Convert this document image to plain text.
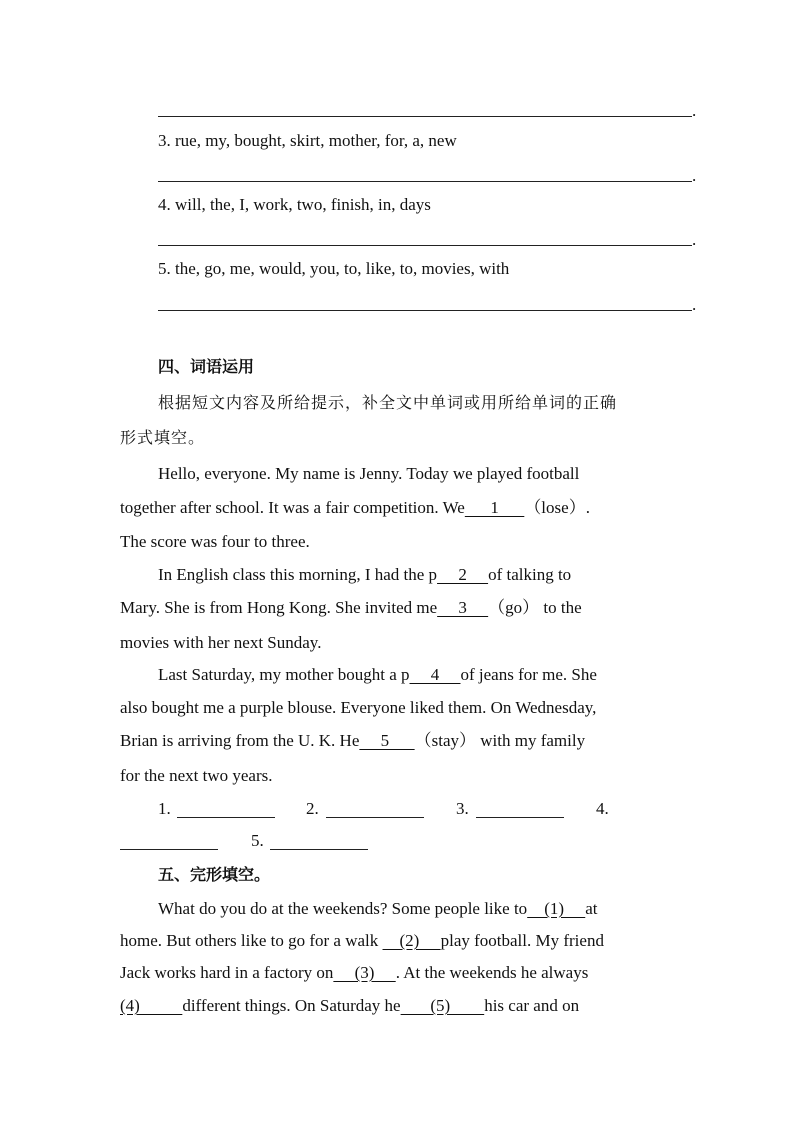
.
3. rue, my, bought, skirt, mother, for, a, new
.
4. will, the, I, work, two, finish, in, days
.
5. the, go, me, would, you, to, like, to, movies, with
.
四、词语运用
根据短文内容及所给提示，补全文中单词或用所给单词的正确
形式填空。
Hello, everyone. My name is Jenny. Today we played football
together after school. It was a fair competition. We      1      （lose）.
The score was four to three.
In English class this morning, I had the p     2     of talking to
Mary. She is from Hong Kong. She invited me     3     （go） to the
movies with her next Sunday.
Last Saturday, my mother bought a p     4     of jeans for me. She
also bought me a purple blouse. Everyone liked them. On Wednesday,
Brian is arriving from the U. K. He     5      （stay） with my family
for the next two years.
1.	2.	3.	4.
5.
五、完形填空。
What do you do at the weekends? Some people like to    (1)     at
home. But others like to go for a walk     (2)     play football. My friend
Jack works hard in a factory on     (3)     . At the weekends he always
(4)          different things. On Saturday he       (5)        his car and on
